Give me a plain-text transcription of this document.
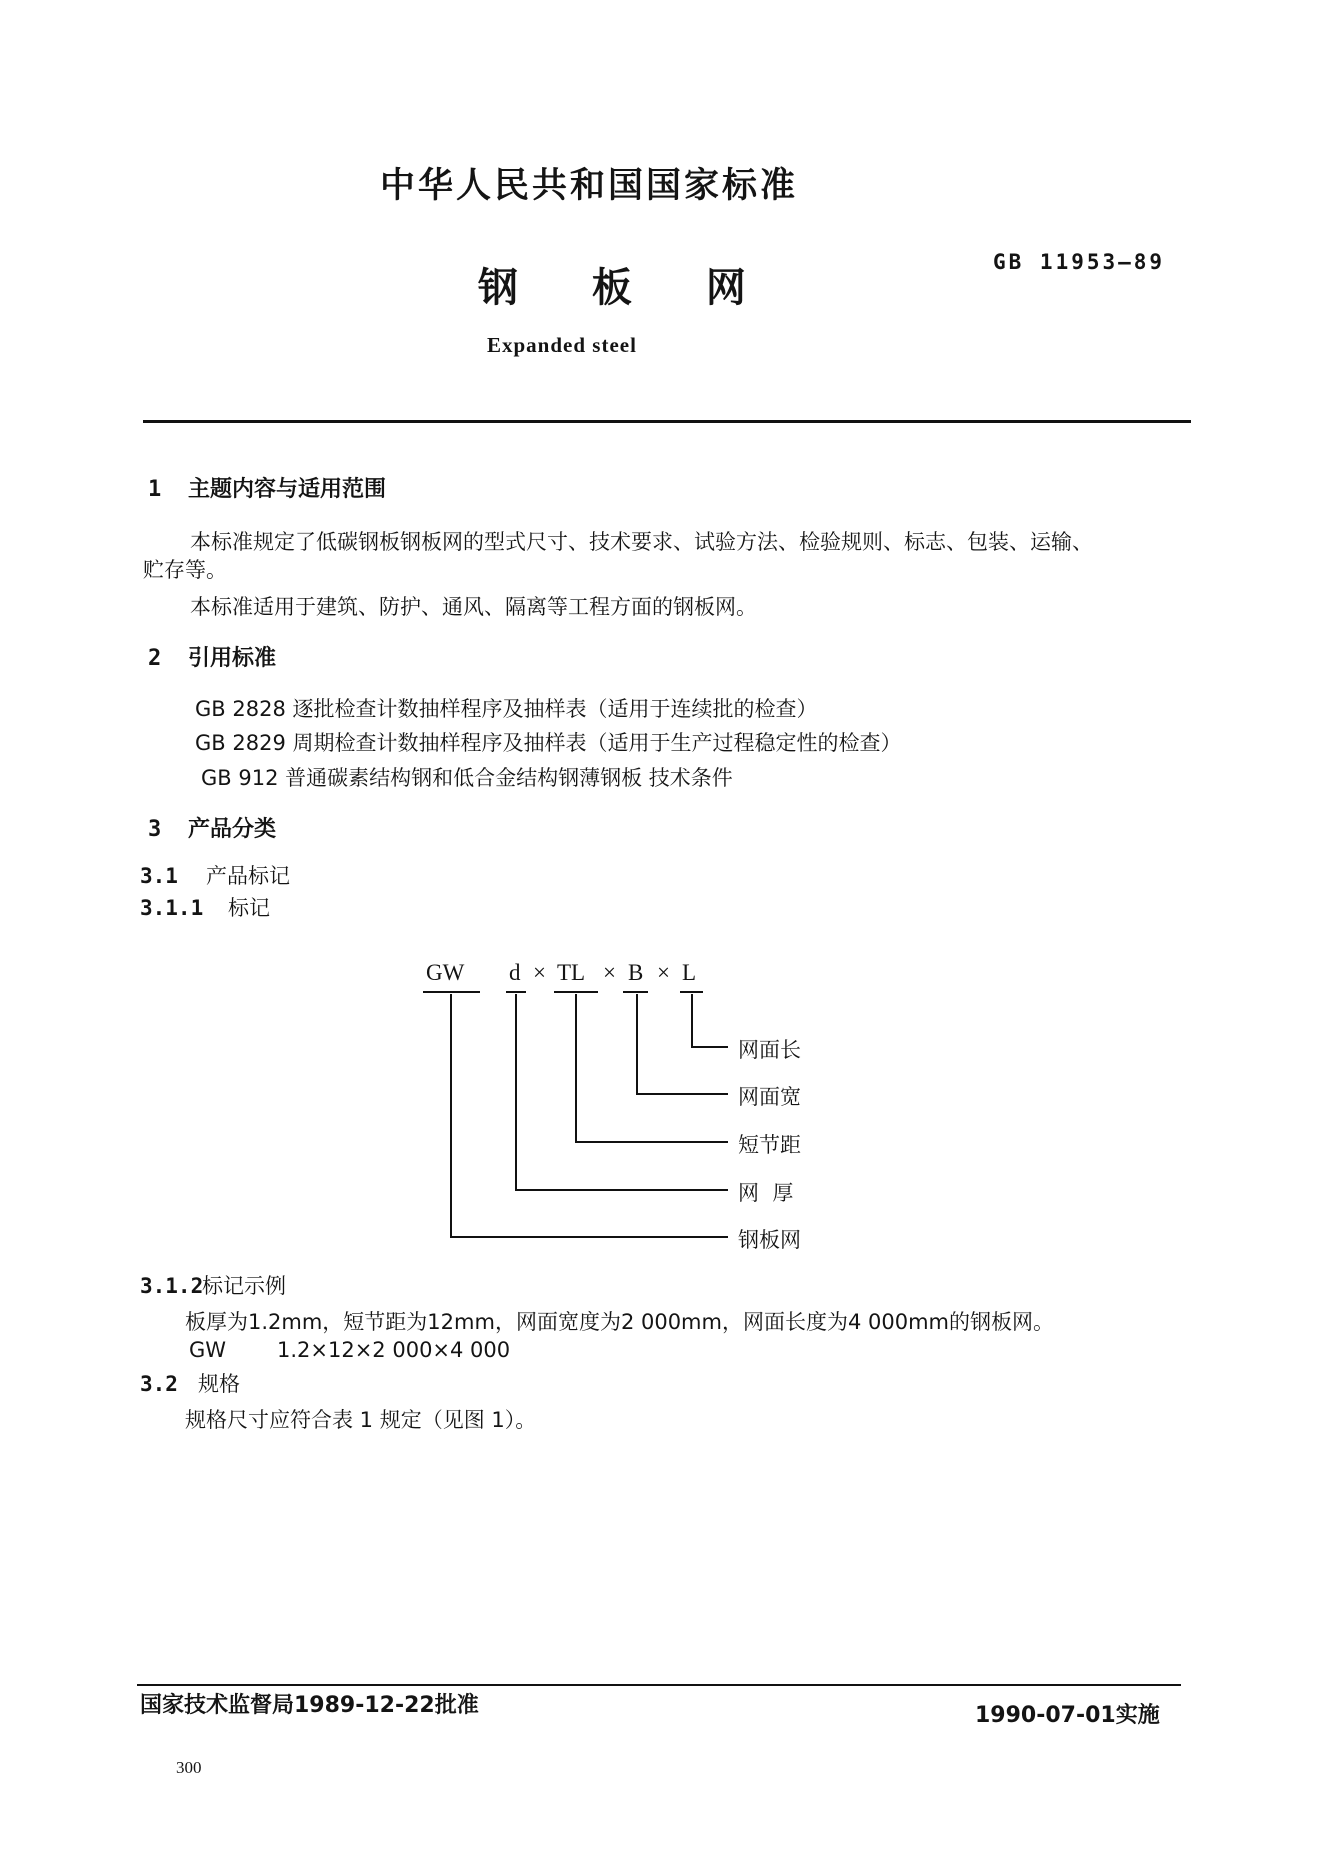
中华人民共和国国家标准
钢 板 网
GB 11953—89
Expanded steel
1 主题内容与适用范围
本标准规定了低碳钢板钢板网的型式尺寸、技术要求、试验方法、检验规则、标志、包装、运输、
贮存等。
本标准适用于建筑、防护、通风、隔离等工程方面的钢板网。
2 引用标准
GB 2828 逐批检查计数抽样程序及抽样表（适用于连续批的检查）
GB 2829 周期检查计数抽样程序及抽样表（适用于生产过程稳定性的检查）
GB 912 普通碳素结构钢和低合金结构钢薄钢板 技术条件
3 产品分类
3.1 产品标记
3.1.1 标记
GW d × TL × B × L
网面长
网面宽
短节距
网  厚
钢板网
3.1.2标记示例
板厚为1.2mm，短节距为12mm，网面宽度为2 000mm，网面长度为4 000mm的钢板网。
GW 1.2×12×2 000×4 000
3.2 规格
规格尺寸应符合表 1 规定（见图 1）。
国家技术监督局1989-12-22批准	1990-07-01实施
300
